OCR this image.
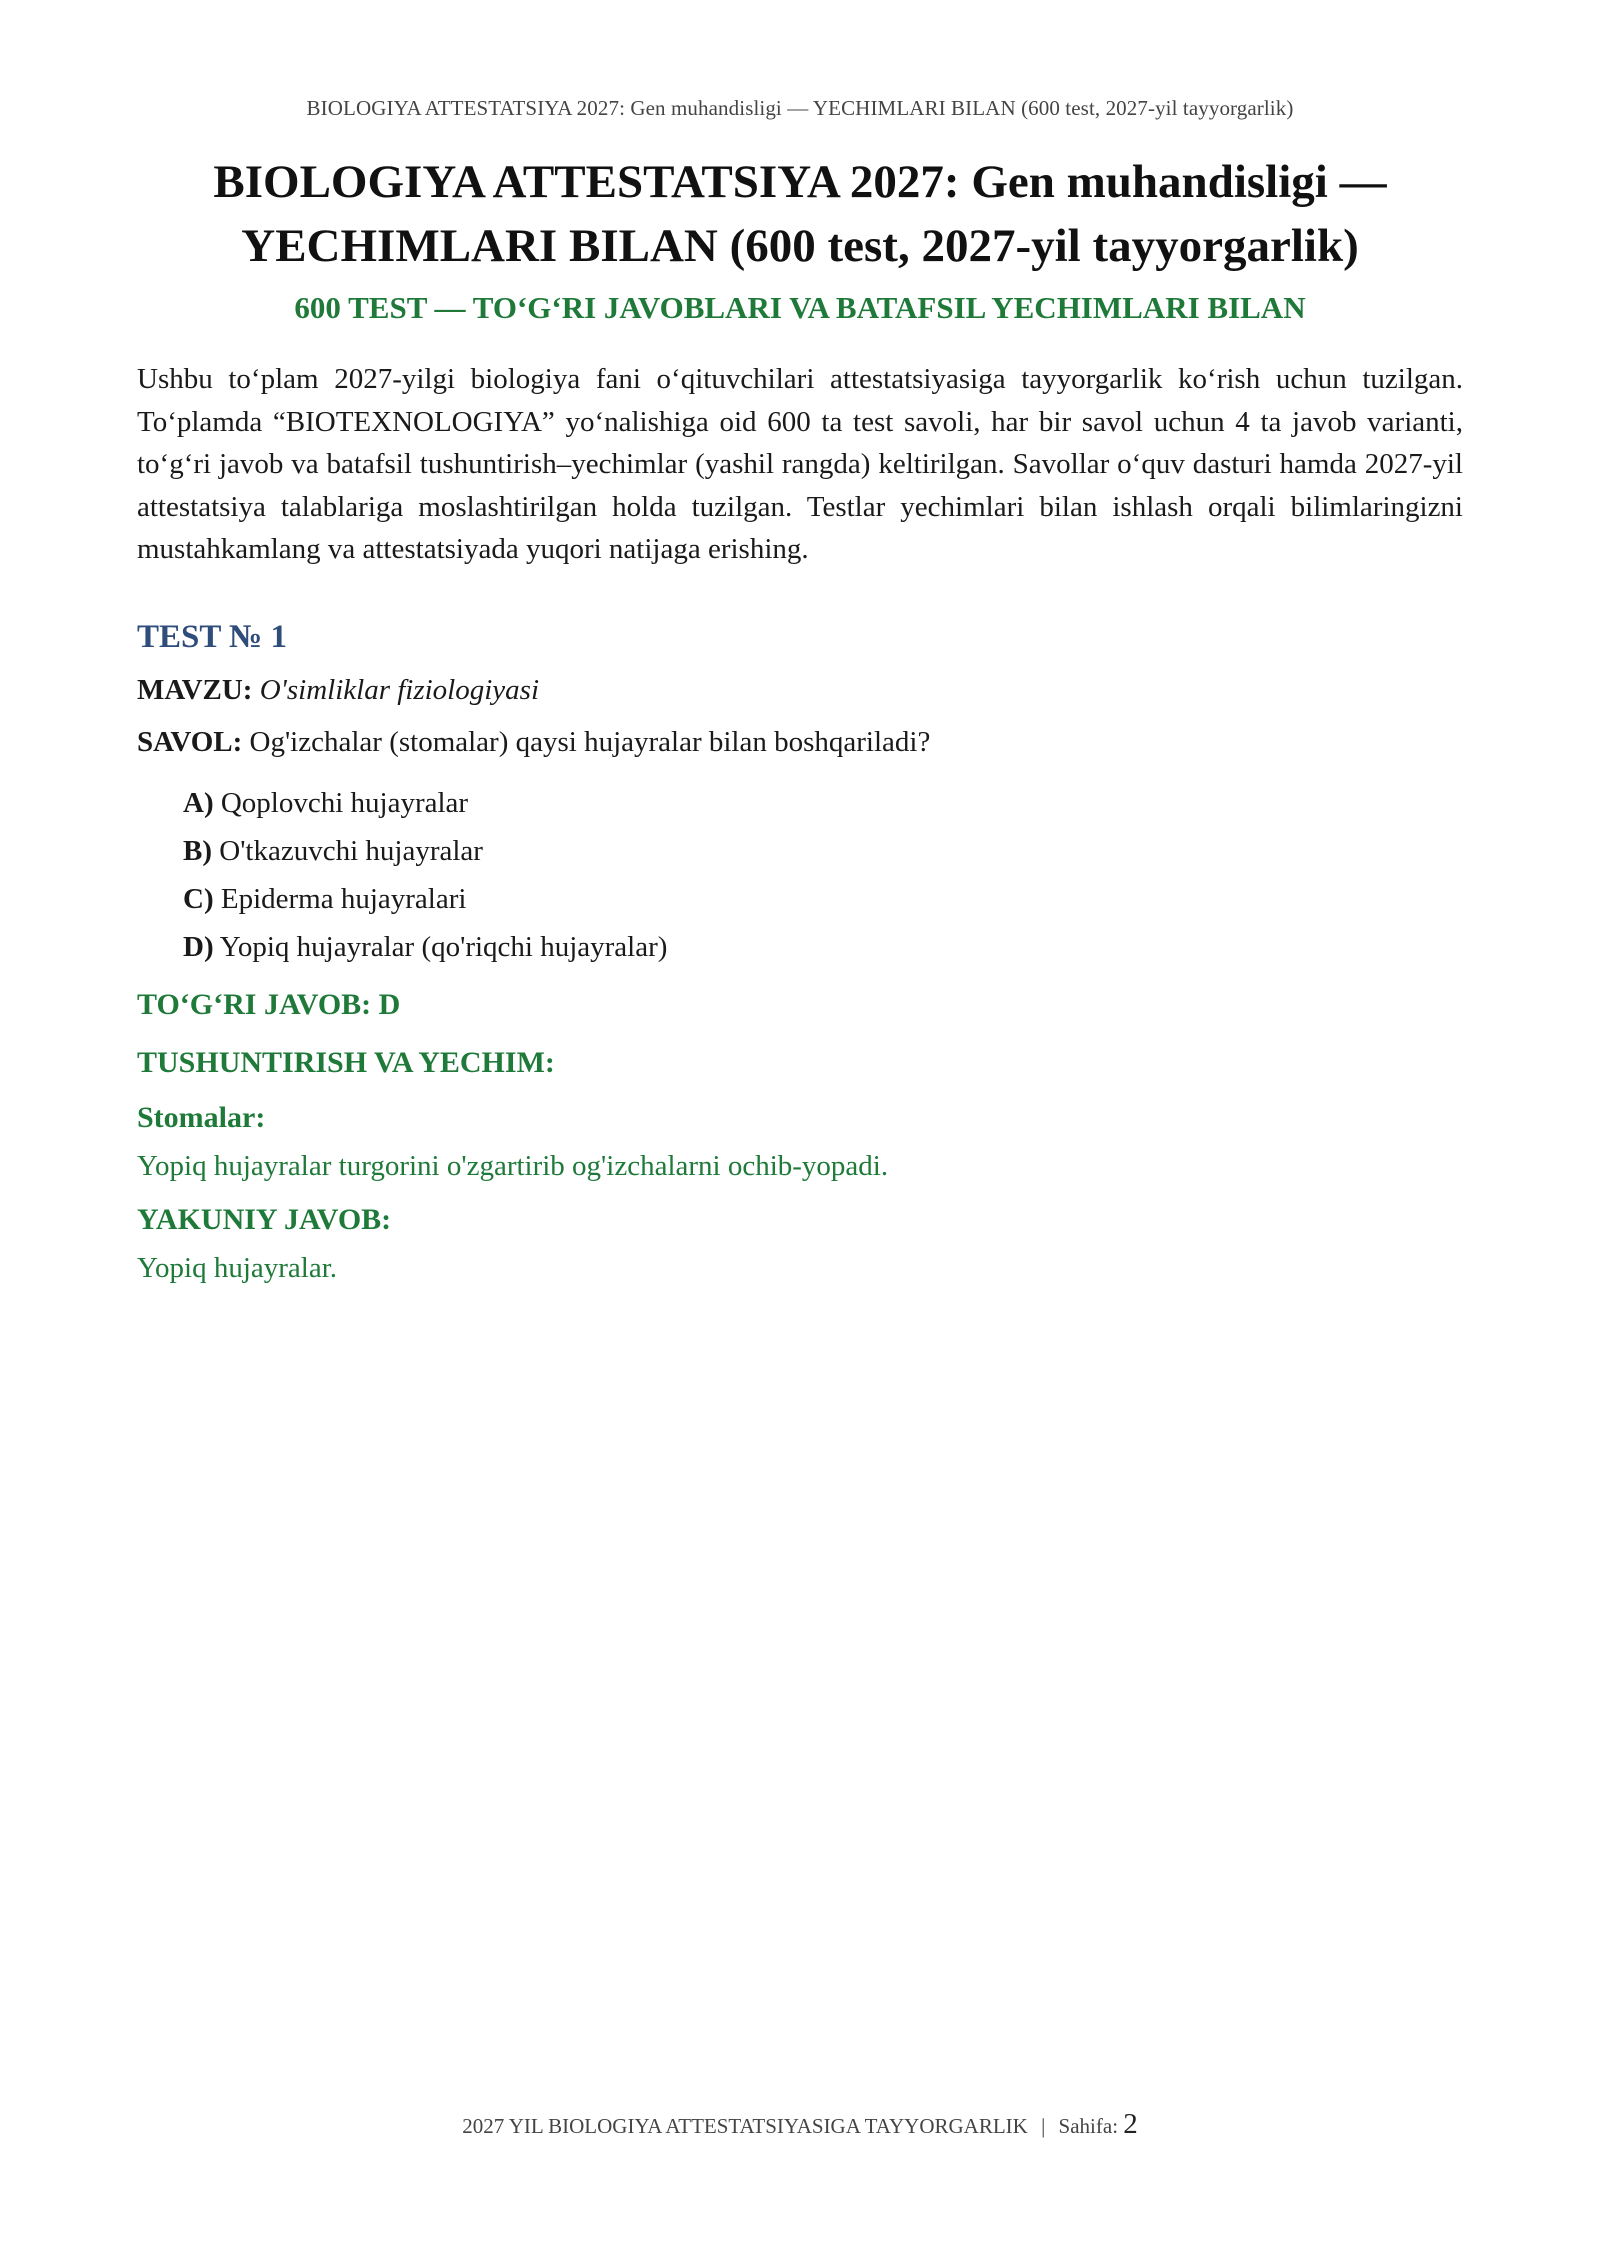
BIOLOGIYA ATTESTATSIYA 2027: Gen muhandisligi — YECHIMLARI BILAN (600 test, 2027-yil tayyorgarlik)
BIOLOGIYA ATTESTATSIYA 2027: Gen muhandisligi —
YECHIMLARI BILAN (600 test, 2027-yil tayyorgarlik)
600 TEST — TO‘G‘RI JAVOBLARI VA BATAFSIL YECHIMLARI BILAN

Ushbu to‘plam 2027-yilgi biologiya fani o‘qituvchilari attestatsiyasiga tayyorgarlik ko‘rish uchun tuzilgan. To‘plamda “BIOTEXNOLOGIYA” yo‘nalishiga oid 600 ta test savoli, har bir savol uchun 4 ta javob varianti, to‘g‘ri javob va batafsil tushuntirish–yechimlar (yashil rangda) keltirilgan. Savollar o‘quv dasturi hamda 2027-yil attestatsiya talablariga moslashtirilgan holda tuzilgan. Testlar yechimlari bilan ishlash orqali bilimlaringizni mustahkamlang va attestatsiyada yuqori natijaga erishing.

TEST № 1

MAVZU: O'simliklar fiziologiyasi

SAVOL: Og'izchalar (stomalar) qaysi hujayralar bilan boshqariladi?

A) Qoplovchi hujayralar
B) O'tkazuvchi hujayralar
C) Epiderma hujayralari
D) Yopiq hujayralar (qo'riqchi hujayralar)
TO‘G‘RI JAVOB: D
TUSHUNTIRISH VA YECHIM:
Stomalar:

Yopiq hujayralar turgorini o'zgartirib og'izchalarni ochib-yopadi.

YAKUNIY JAVOB:

Yopiq hujayralar.

2027 YIL BIOLOGIYA ATTESTATSIYASIGA TAYYORGARLIK | Sahifa: 2
